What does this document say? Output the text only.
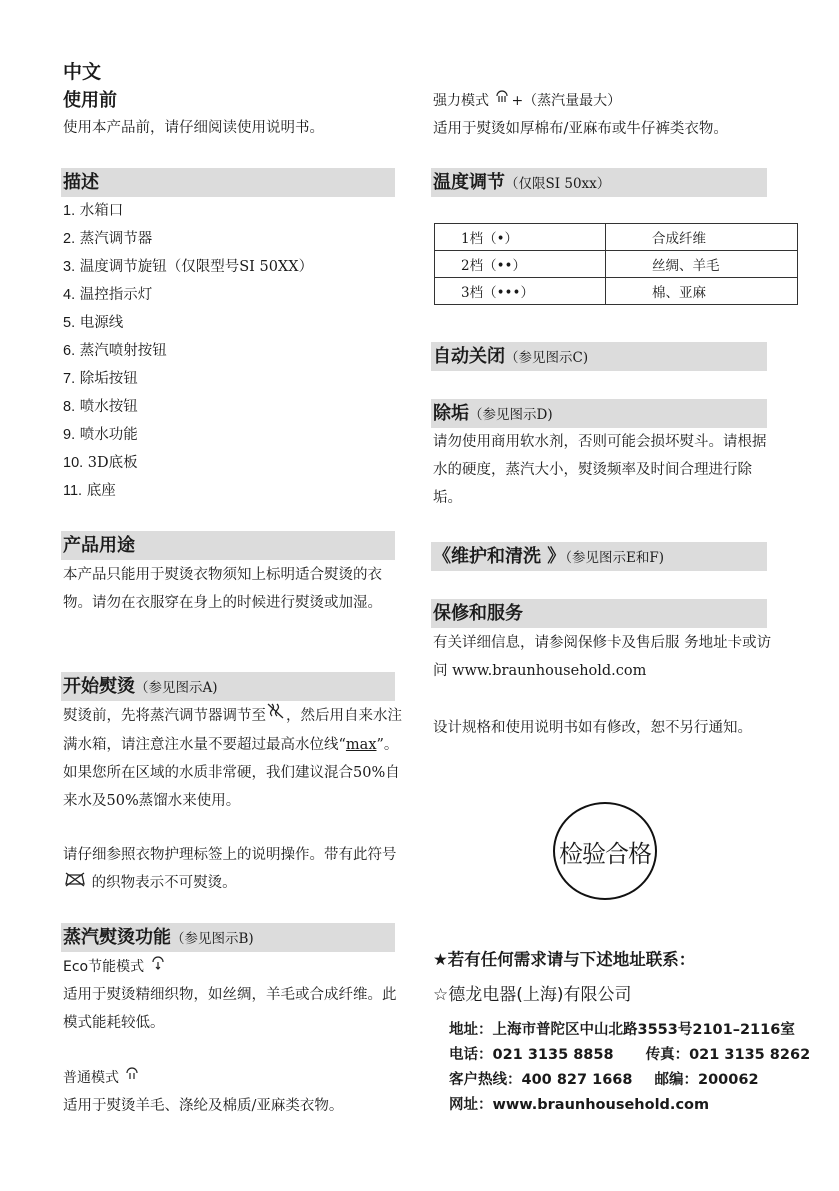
中文
使用前
使用本产品前，请仔细阅读使用说明书。
描述
1. 水箱口
2. 蒸汽调节器
3. 温度调节旋钮（仅限型号SI 50XX）
4. 温控指示灯
5. 电源线
6. 蒸汽喷射按钮
7. 除垢按钮
8. 喷水按钮
9. 喷水功能
10. 3D底板
11. 底座
产品用途
本产品只能用于熨烫衣物须知上标明适合熨烫的衣物。请勿在衣服穿在身上的时候进行熨烫或加湿。
开始熨烫（参见图示A)
熨烫前，先将蒸汽调节器调节至 ，然后用自来水注满水箱，请注意注水量不要超过最高水位线“max”。如果您所在区域的水质非常硬，我们建议混合50%自来水及50%蒸馏水来使用。
请仔细参照衣物护理标签上的说明操作。带有此符号  的织物表示不可熨烫。
蒸汽熨烫功能（参见图示B)
Eco节能模式
适用于熨烫精细织物，如丝绸，羊毛或合成纤维。此模式能耗较低。
普通模式
适用于熨烫羊毛、涤纶及棉质/亚麻类衣物。
强力模式 +（蒸汽量最大）
适用于熨烫如厚棉布/亚麻布或牛仔裤类衣物。
温度调节（仅限SI 50xx）
1档（•）	合成纤维
2档（••）	丝绸、羊毛
3档（•••）	棉、亚麻
自动关闭（参见图示C)
除垢（参见图示D)
请勿使用商用软水剂，否则可能会损坏熨斗。请根据水的硬度，蒸汽大小，熨烫频率及时间合理进行除垢。
《维护和清洗 》（参见图示E和F)
保修和服务
有关详细信息，请参阅保修卡及售后服 务地址卡或访问 www.braunhousehold.com
设计规格和使用说明书如有修改，恕不另行通知。
检验合格
★若有任何需求请与下述地址联系：
☆德龙电器(上海)有限公司
地址：上海市普陀区中山北路3553号2101–2116室
电话：021 3135 8858 传真：021 3135 8262
客户热线：400 827 1668 邮编：200062
网址：www.braunhousehold.com
